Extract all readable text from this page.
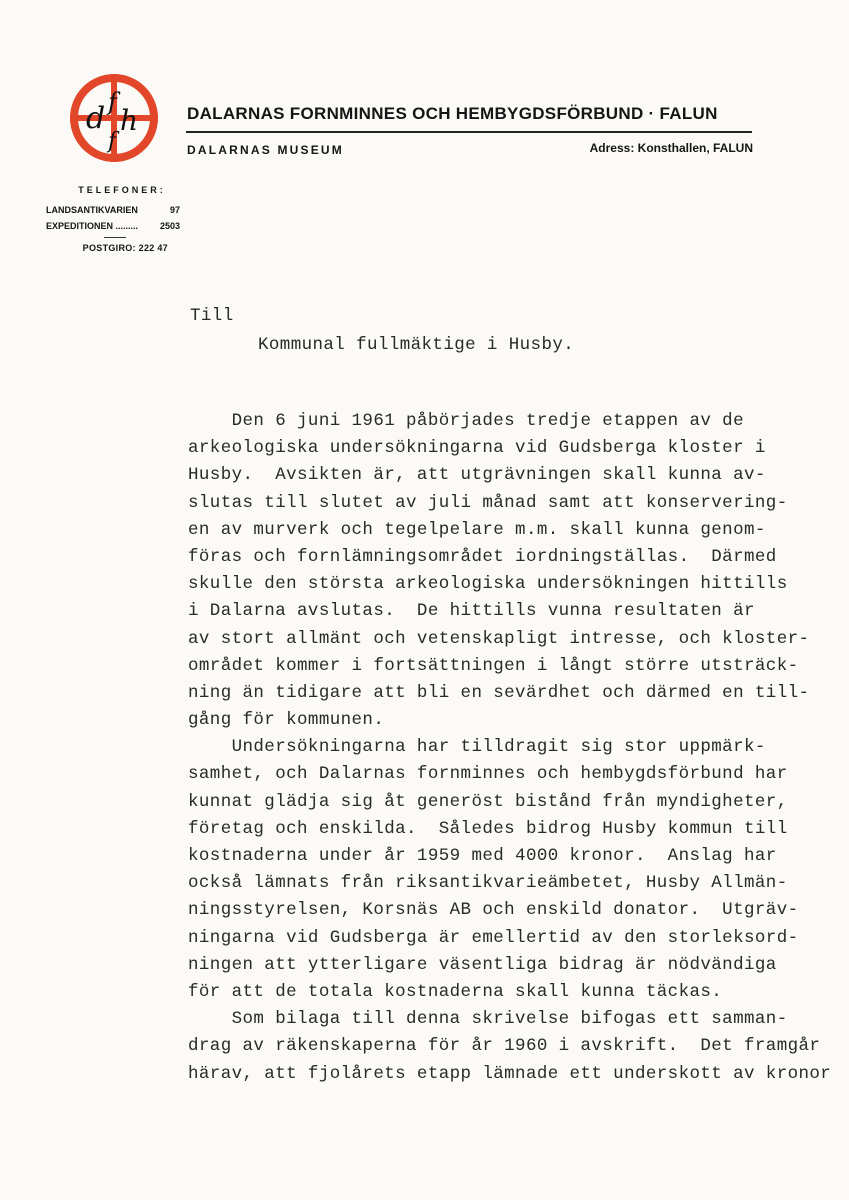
d f
h
f
DALARNAS FORNMINNES OCH HEMBYGDSFÖRBUND · FALUN
DALARNAS MUSEUM	Adress: Konsthallen, FALUN
TELEFONER:
LANDSANTIKVARIEN	97
EXPEDITIONEN ......... 2503
POSTGIRO: 222 47
Till
Kommunal fullmäktige i Husby.
Den 6 juni 1961 påbörjades tredje etappen av de
arkeologiska undersökningarna vid Gudsberga kloster i
Husby.  Avsikten är, att utgrävningen skall kunna av-
slutas till slutet av juli månad samt att konservering-
en av murverk och tegelpelare m.m. skall kunna genom-
föras och fornlämningsområdet iordningställas.  Därmed
skulle den största arkeologiska undersökningen hittills
i Dalarna avslutas.  De hittills vunna resultaten är
av stort allmänt och vetenskapligt intresse, och kloster-
området kommer i fortsättningen i långt större utsträck-
ning än tidigare att bli en sevärdhet och därmed en till-
gång för kommunen.
Undersökningarna har tilldragit sig stor uppmärk-
samhet, och Dalarnas fornminnes och hembygdsförbund har
kunnat glädja sig åt generöst bistånd från myndigheter,
företag och enskilda.  Således bidrog Husby kommun till
kostnaderna under år 1959 med 4000 kronor.  Anslag har
också lämnats från riksantikvarieämbetet, Husby Allmän-
ningsstyrelsen, Korsnäs AB och enskild donator.  Utgräv-
ningarna vid Gudsberga är emellertid av den storleksord-
ningen att ytterligare väsentliga bidrag är nödvändiga
för att de totala kostnaderna skall kunna täckas.
Som bilaga till denna skrivelse bifogas ett samman-
drag av räkenskaperna för år 1960 i avskrift.  Det framgår
härav, att fjolårets etapp lämnade ett underskott av kronor
